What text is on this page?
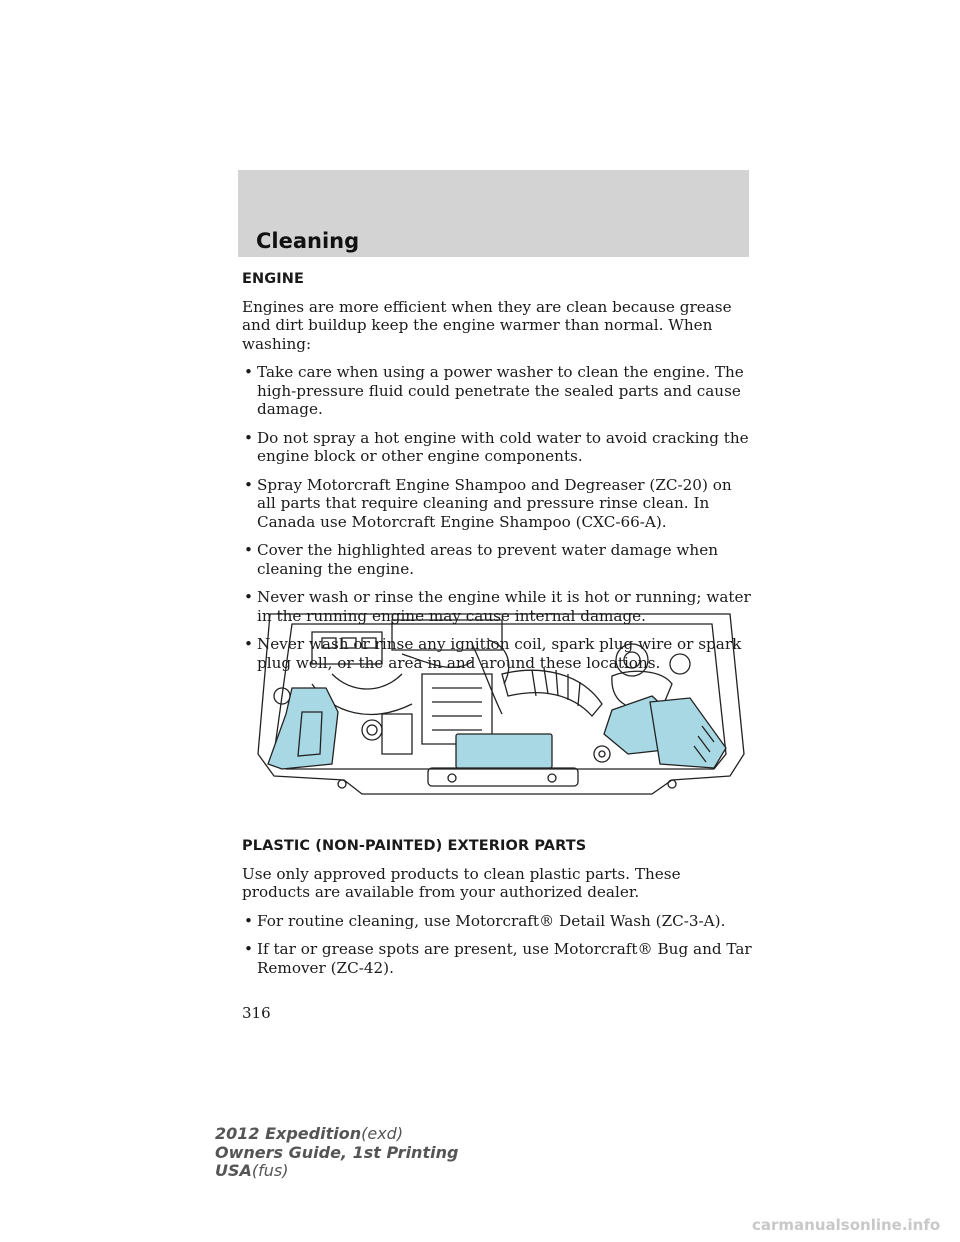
Cleaning
ENGINE

Engines are more efficient when they are clean because grease and dirt buildup keep the engine warmer than normal. When washing:

• Take care when using a power washer to clean the engine. The high-pressure fluid could penetrate the sealed parts and cause damage.
• Do not spray a hot engine with cold water to avoid cracking the engine block or other engine components.
• Spray Motorcraft Engine Shampoo and Degreaser (ZC-20) on all parts that require cleaning and pressure rinse clean. In Canada use Motorcraft Engine Shampoo (CXC-66-A).
• Cover the highlighted areas to prevent water damage when cleaning the engine.
• Never wash or rinse the engine while it is hot or running; water in the running engine may cause internal damage.
• Never wash or rinse any ignition coil, spark plug wire or spark plug well, or the area in and around these locations.
PLASTIC (NON-PAINTED) EXTERIOR PARTS

Use only approved products to clean plastic parts. These products are available from your authorized dealer.

• For routine cleaning, use Motorcraft® Detail Wash (ZC-3-A).
• If tar or grease spots are present, use Motorcraft® Bug and Tar Remover (ZC-42).
316
2012 Expedition(exd)
Owners Guide, 1st Printing
USA(fus)
carmanualsonline.info
